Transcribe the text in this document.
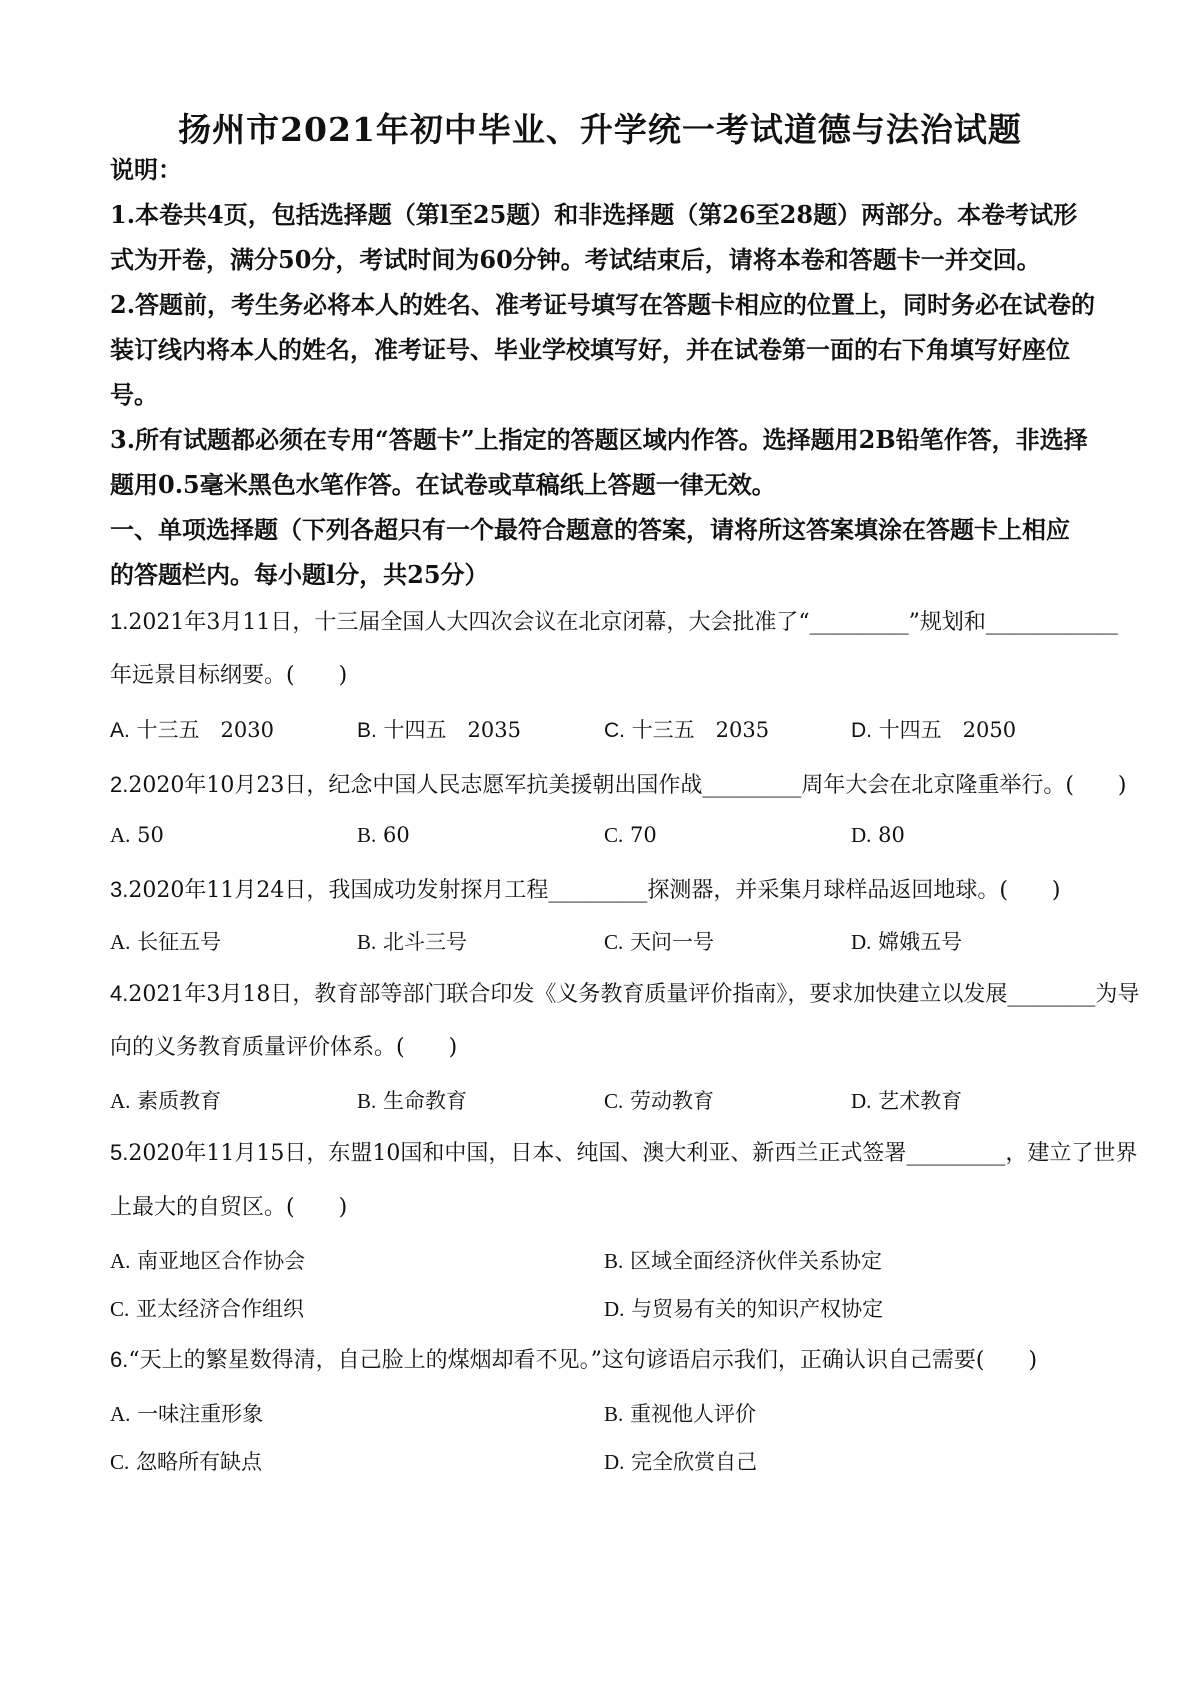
扬州市2021年初中毕业、升学统一考试道德与法治试题
说明：
1.本卷共4页，包括选择题（第l至25题）和非选择题（第26至28题）两部分。本卷考试形
式为开卷，满分50分，考试时间为60分钟。考试结束后，请将本卷和答题卡一并交回。
2.答题前，考生务必将本人的姓名、准考证号填写在答题卡相应的位置上，同时务必在试卷的
装订线内将本人的姓名，准考证号、毕业学校填写好，并在试卷第一面的右下角填写好座位
号。
3.所有试题都必须在专用“答题卡”上指定的答题区域内作答。选择题用2B铅笔作答，非选择
题用0.5毫米黑色水笔作答。在试卷或草稿纸上答题一律无效。
一、单项选择题（下列各超只有一个最符合题意的答案，请将所这答案填涂在答题卡上相应
的答题栏内。每小题l分，共25分）
1.2021年3月11日，十三届全国人大四次会议在北京闭幕，大会批准了“_________”规划和____________
年远景目标纲要。(　　)
A. 十三五　2030	B. 十四五　2035	C. 十三五　2035	D. 十四五　2050
2.2020年10月23日，纪念中国人民志愿军抗美援朝出国作战_________周年大会在北京隆重举行。(　　)
A. 50	B. 60	C. 70	D. 80
3.2020年11月24日，我国成功发射探月工程_________探测器，并采集月球样品返回地球。(　　)
A. 长征五号	B. 北斗三号	C. 天问一号	D. 嫦娥五号
4.2021年3月18日，教育部等部门联合印发《义务教育质量评价指南》，要求加快建立以发展________为导
向的义务教育质量评价体系。(　　)
A. 素质教育	B. 生命教育	C. 劳动教育	D. 艺术教育
5.2020年11月15日，东盟10国和中国，日本、纯国、澳大利亚、新西兰正式签署_________，建立了世界
上最大的自贸区。(　　)
A. 南亚地区合作协会	B. 区域全面经济伙伴关系协定
C. 亚太经济合作组织	D. 与贸易有关的知识产权协定
6.“天上的繁星数得清，自己脸上的煤烟却看不见。”这句谚语启示我们，正确认识自己需要(　　)
A. 一味注重形象	B. 重视他人评价
C. 忽略所有缺点	D. 完全欣赏自己
